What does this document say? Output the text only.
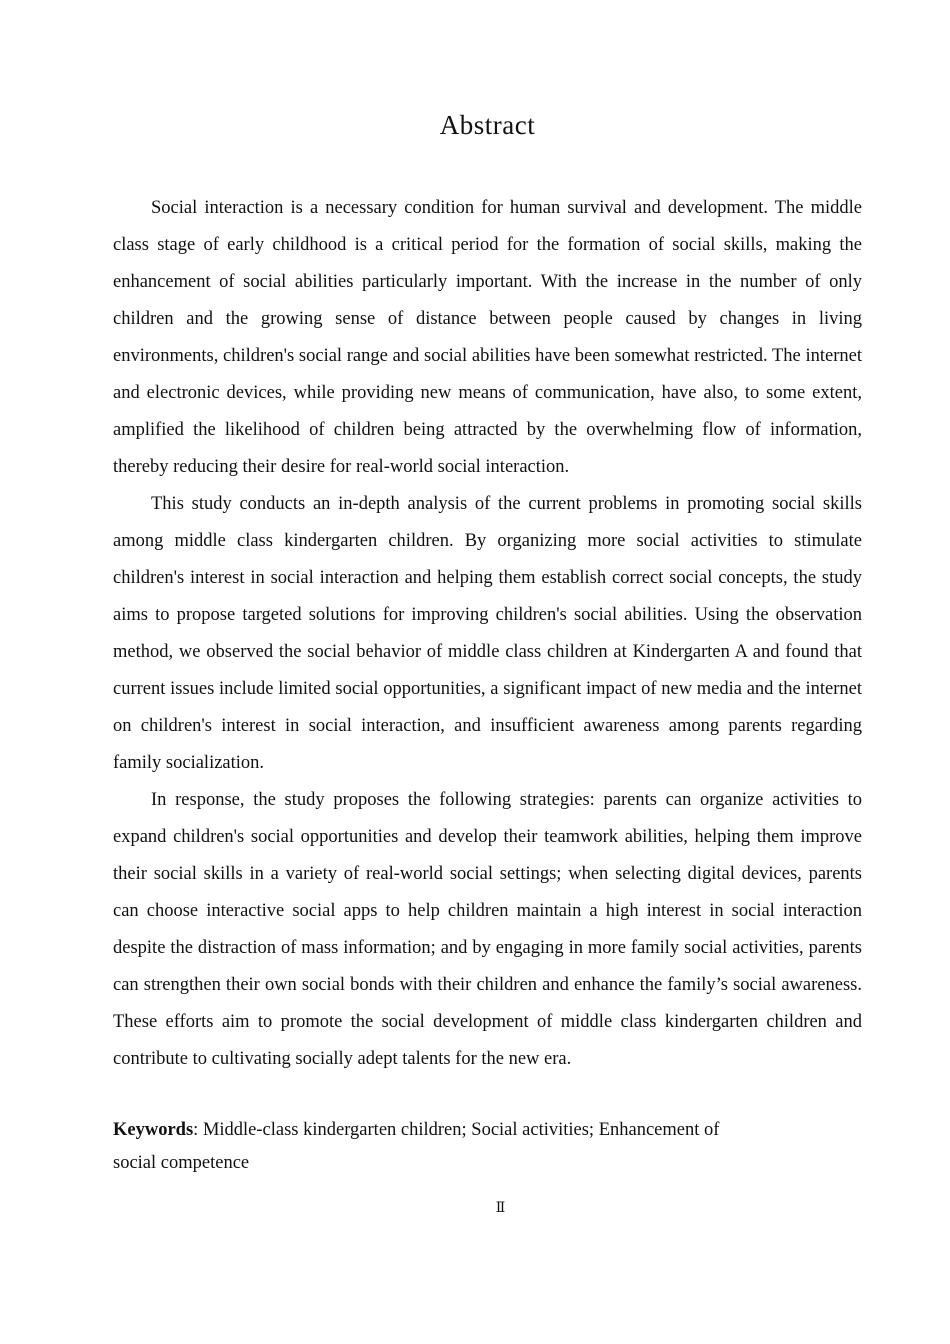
Abstract

Social interaction is a necessary condition for human survival and development. The middle class stage of early childhood is a critical period for the formation of social skills, making the enhancement of social abilities particularly important. With the increase in the number of only children and the growing sense of distance between people caused by changes in living environments, children's social range and social abilities have been somewhat restricted. The internet and electronic devices, while providing new means of communication, have also, to some extent, amplified the likelihood of children being attracted by the overwhelming flow of information, thereby reducing their desire for real-world social interaction.

This study conducts an in-depth analysis of the current problems in promoting social skills among middle class kindergarten children. By organizing more social activities to stimulate children's interest in social interaction and helping them establish correct social concepts, the study aims to propose targeted solutions for improving children's social abilities. Using the observation method, we observed the social behavior of middle class children at Kindergarten A and found that current issues include limited social opportunities, a significant impact of new media and the internet on children's interest in social interaction, and insufficient awareness among parents regarding family socialization.

In response, the study proposes the following strategies: parents can organize activities to expand children's social opportunities and develop their teamwork abilities, helping them improve their social skills in a variety of real-world social settings; when selecting digital devices, parents can choose interactive social apps to help children maintain a high interest in social interaction despite the distraction of mass information; and by engaging in more family social activities, parents can strengthen their own social bonds with their children and enhance the family’s social awareness. These efforts aim to promote the social development of middle class kindergarten children and contribute to cultivating socially adept talents for the new era.

Keywords: Middle-class kindergarten children; Social activities; Enhancement of
social competence

Ⅱ
